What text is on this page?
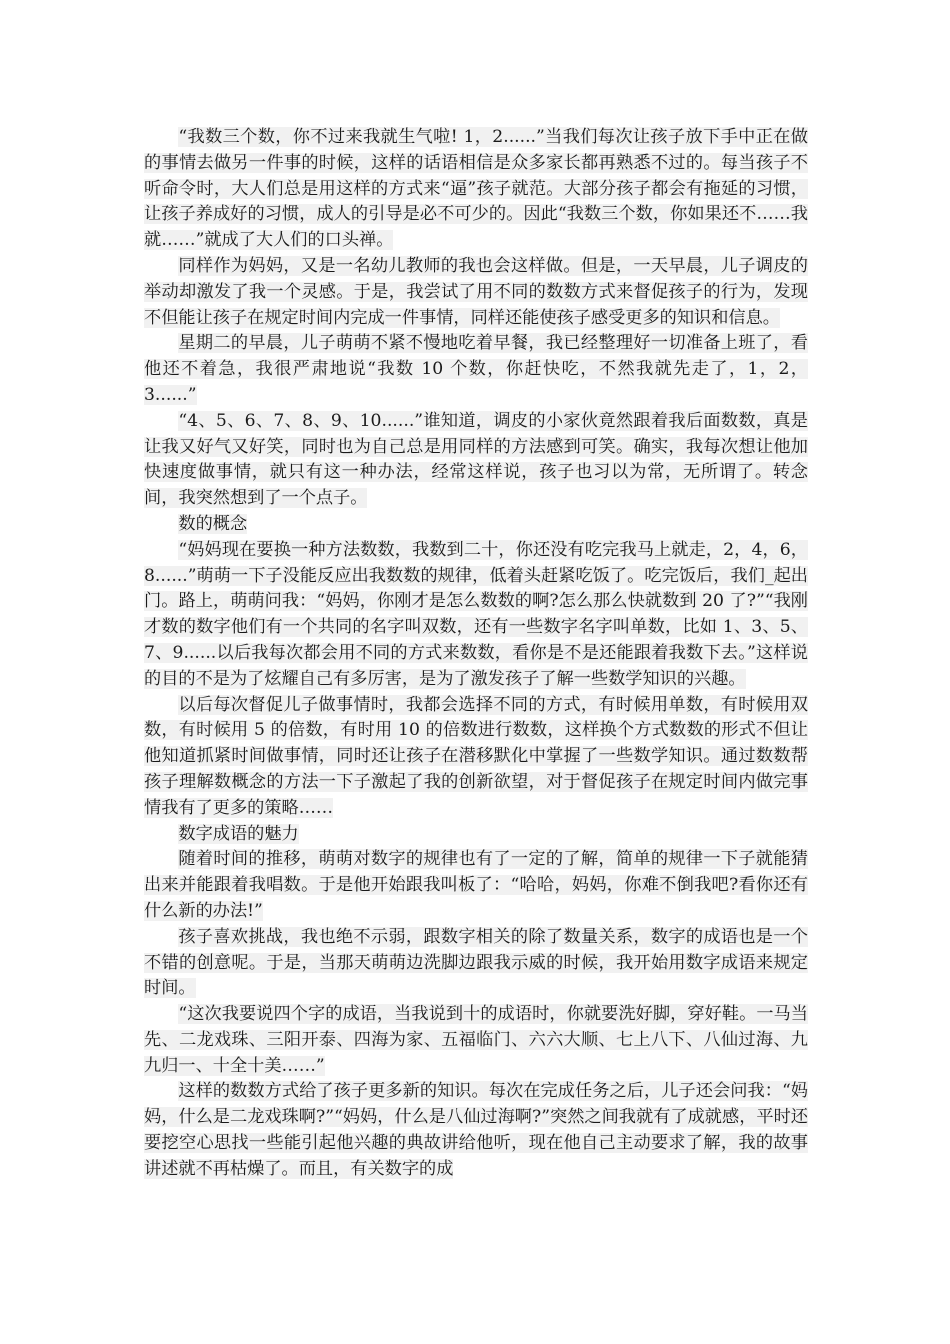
“我数三个数，你不过来我就生气啦! 1，2......”当我们每次让孩子放下手中正在做的事情去做另一件事的时候，这样的话语相信是众多家长都再熟悉不过的。每当孩子不听命令时，大人们总是用这样的方式来“逼”孩子就范。大部分孩子都会有拖延的习惯，让孩子养成好的习惯，成人的引导是必不可少的。因此“我数三个数，你如果还不……我就……”就成了大人们的口头禅。

同样作为妈妈，又是一名幼儿教师的我也会这样做。但是，一天早晨，儿子调皮的举动却激发了我一个灵感。于是，我尝试了用不同的数数方式来督促孩子的行为，发现不但能让孩子在规定时间内完成一件事情，同样还能使孩子感受更多的知识和信息。

星期二的早晨，儿子萌萌不紧不慢地吃着早餐，我已经整理好一切准备上班了，看他还不着急，我很严肃地说“我数 10 个数，你赶快吃，不然我就先走了，1，2，3......”

“4、5、6、7、8、9、10......”谁知道，调皮的小家伙竟然跟着我后面数数，真是让我又好气又好笑，同时也为自己总是用同样的方法感到可笑。确实，我每次想让他加快速度做事情，就只有这一种办法，经常这样说，孩子也习以为常，无所谓了。转念间，我突然想到了一个点子。

数的概念

“妈妈现在要换一种方法数数，我数到二十，你还没有吃完我马上就走，2，4，6，8......”萌萌一下子没能反应出我数数的规律，低着头赶紧吃饭了。吃完饭后，我们_起出门。路上，萌萌问我：“妈妈，你刚才是怎么数数的啊?怎么那么快就数到 20 了?”“我刚才数的数字他们有一个共同的名字叫双数，还有一些数字名字叫单数，比如 1、3、5、7、9......以后我每次都会用不同的方式来数数，看你是不是还能跟着我数下去。”这样说的目的不是为了炫耀自己有多厉害，是为了激发孩子了解一些数学知识的兴趣。

以后每次督促儿子做事情时，我都会选择不同的方式，有时候用单数，有时候用双数，有时候用 5 的倍数，有时用 10 的倍数进行数数，这样换个方式数数的形式不但让他知道抓紧时间做事情，同时还让孩子在潜移默化中掌握了一些数学知识。通过数数帮孩子理解数概念的方法一下子激起了我的创新欲望，对于督促孩子在规定时间内做完事情我有了更多的策略……

数字成语的魅力

随着时间的推移，萌萌对数字的规律也有了一定的了解，简单的规律一下子就能猜出来并能跟着我唱数。于是他开始跟我叫板了：“哈哈，妈妈，你难不倒我吧?看你还有什么新的办法!”

孩子喜欢挑战，我也绝不示弱，跟数字相关的除了数量关系，数字的成语也是一个不错的创意呢。于是，当那天萌萌边洗脚边跟我示威的时候，我开始用数字成语来规定时间。

“这次我要说四个字的成语，当我说到十的成语时，你就要洗好脚，穿好鞋。一马当先、二龙戏珠、三阳开泰、四海为家、五福临门、六六大顺、七上八下、八仙过海、九九归一、十全十美……”

这样的数数方式给了孩子更多新的知识。每次在完成任务之后，儿子还会问我：“妈妈，什么是二龙戏珠啊?”“妈妈，什么是八仙过海啊?”突然之间我就有了成就感，平时还要挖空心思找一些能引起他兴趣的典故讲给他听，现在他自己主动要求了解，我的故事讲述就不再枯燥了。而且，有关数字的成
